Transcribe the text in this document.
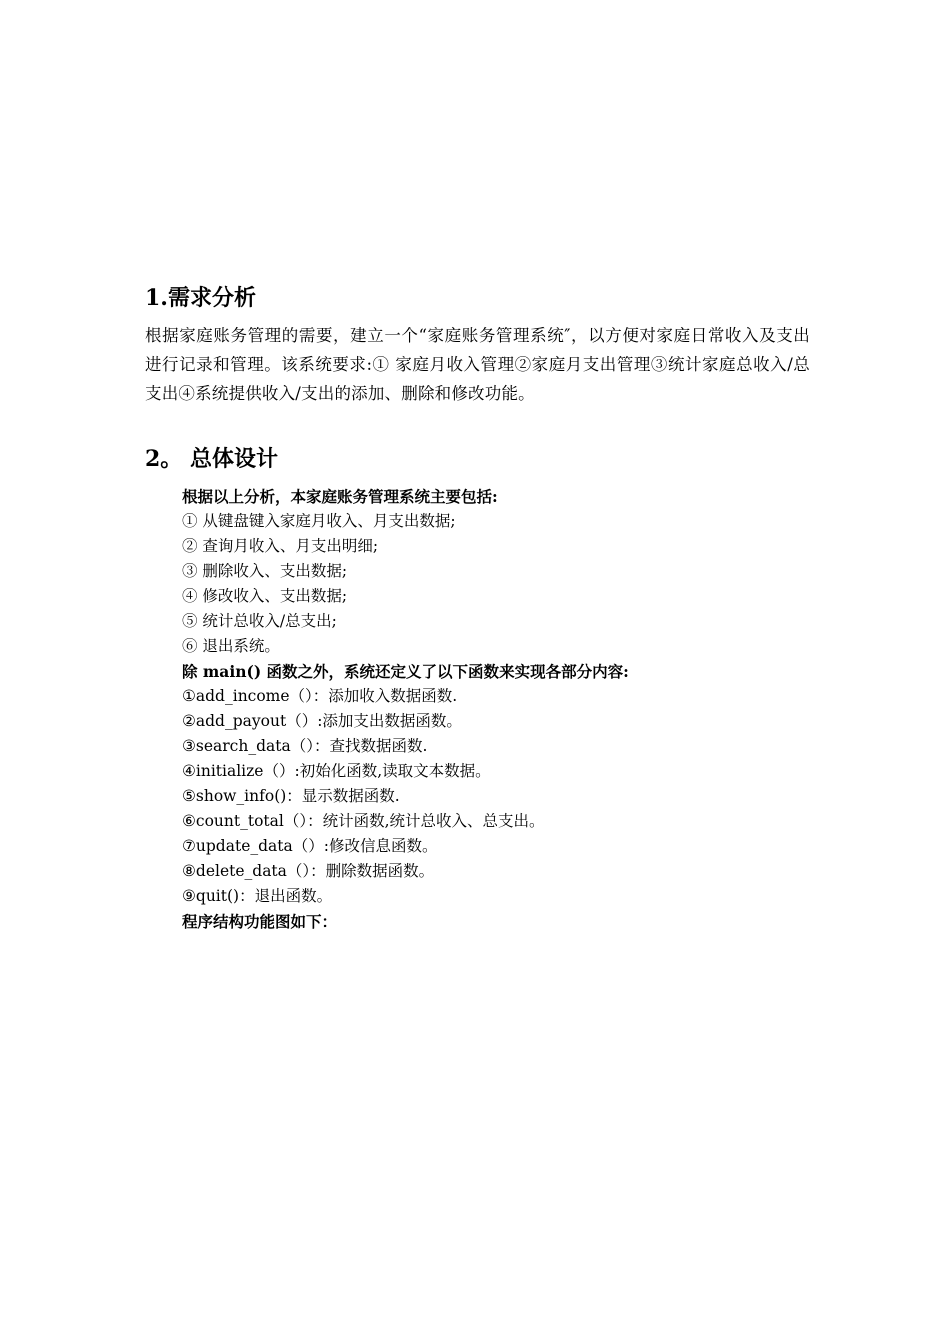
1.需求分析

根据家庭账务管理的需要，建立一个“家庭账务管理系统″，以方便对家庭日常收入及支出进行记录和管理。该系统要求:① 家庭月收入管理②家庭月支出管理③统计家庭总收入/总支出④系统提供收入/支出的添加、删除和修改功能。

2。 总体设计

根据以上分析，本家庭账务管理系统主要包括:

① 从键盘键入家庭月收入、月支出数据;

② 查询月收入、月支出明细;

③ 删除收入、支出数据;

④ 修改收入、支出数据;

⑤ 统计总收入/总支出;

⑥ 退出系统。

除 main() 函数之外，系统还定义了以下函数来实现各部分内容:

①add_income（）：添加收入数据函数.

②add_payout（）:添加支出数据函数。

③search_data（）：查找数据函数.

④initialize（）:初始化函数,读取文本数据。

⑤show_info()：显示数据函数.

⑥count_total（）：统计函数,统计总收入、总支出。

⑦update_data（）:修改信息函数。

⑧delete_data（）：删除数据函数。

⑨quit()：退出函数。

程序结构功能图如下：
